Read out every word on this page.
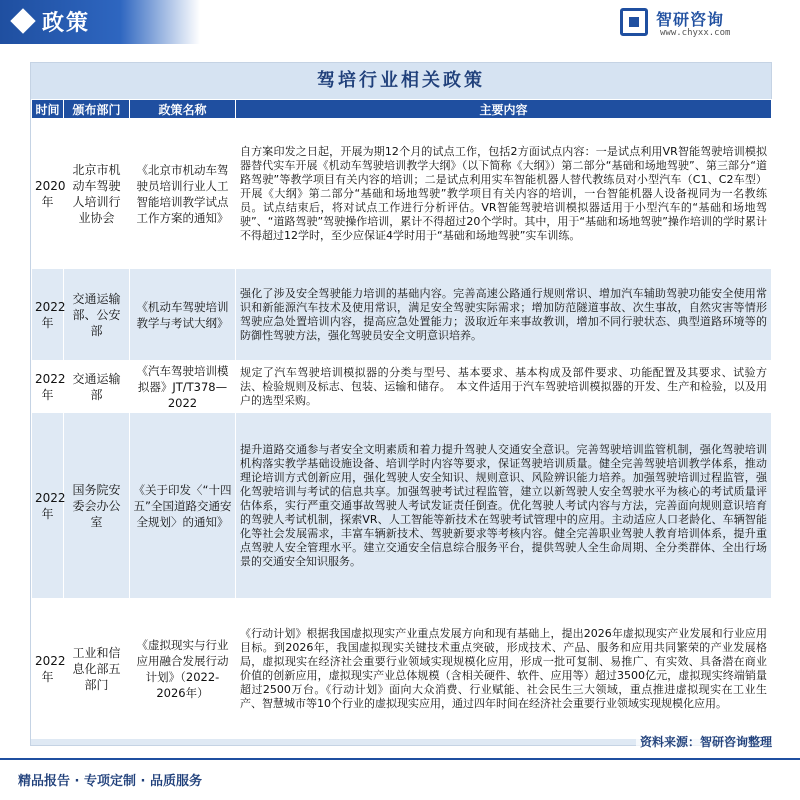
政策	智研咨询
www.chyxx.com
驾培行业相关政策
时间	颁布部门	政策名称	主要内容
2020年	北京市机动车驾驶人培训行业协会	《北京市机动车驾驶员培训行业人工智能培训教学试点工作方案的通知》	自方案印发之日起，开展为期12个月的试点工作，包括2方面试点内容：一是试点利用VR智能驾驶培训模拟器替代实车开展《机动车驾驶培训教学大纲》（以下简称《大纲》）第二部分“基础和场地驾驶”、第三部分“道路驾驶”等教学项目有关内容的培训；二是试点利用实车智能机器人替代教练员对小型汽车（C1、C2车型）开展《大纲》第二部分“基础和场地驾驶”教学项目有关内容的培训，一台智能机器人设备视同为一名教练员。试点结束后，将对试点工作进行分析评估。VR智能驾驶培训模拟器适用于小型汽车的“基础和场地驾驶”、“道路驾驶”驾驶操作培训，累计不得超过20个学时。其中，用于“基础和场地驾驶”操作培训的学时累计不得超过12学时，至少应保证4学时用于“基础和场地驾驶”实车训练。
2022年	交通运输部、公安部	《机动车驾驶培训教学与考试大纲》	强化了涉及安全驾驶能力培训的基础内容。完善高速公路通行规则常识、增加汽车辅助驾驶功能安全使用常识和新能源汽车技术及使用常识，满足安全驾驶实际需求；增加防范隧道事故、次生事故，自然灾害等情形驾驶应急处置培训内容，提高应急处置能力；汲取近年来事故教训，增加不同行驶状态、典型道路环境等的防御性驾驶方法，强化驾驶员安全文明意识培养。
2022年	交通运输部	《汽车驾驶培训模拟器》JT/T378—2022	规定了汽车驾驶培训模拟器的分类与型号、基本要求、基本构成及部件要求、功能配置及其要求、试验方法、检验规则及标志、包装、运输和储存。　本文件适用于汽车驾驶培训模拟器的开发、生产和检验，以及用户的选型采购。
2022年	国务院安委会办公室	《关于印发〈“十四五”全国道路交通安全规划〉的通知》	提升道路交通参与者安全文明素质和着力提升驾驶人交通安全意识。完善驾驶培训监管机制，强化驾驶培训机构落实教学基础设施设备、培训学时内容等要求，保证驾驶培训质量。健全完善驾驶培训教学体系，推动理论培训方式创新应用，强化驾驶人安全知识、规则意识、风险辨识能力培养。加强驾驶培训过程监管，强化驾驶培训与考试的信息共享。加强驾驶考试过程监管，建立以新驾驶人安全驾驶水平为核心的考试质量评估体系，实行严重交通事故驾驶人考试发证责任倒查。优化驾驶人考试内容与方法，完善面向规则意识培育的驾驶人考试机制，探索VR、人工智能等新技术在驾驶考试管理中的应用。主动适应人口老龄化、车辆智能化等社会发展需求，丰富车辆新技术、驾驶新要求等考核内容。健全完善职业驾驶人教育培训体系，提升重点驾驶人安全管理水平。建立交通安全信息综合服务平台，提供驾驶人全生命周期、全分类群体、全出行场景的交通安全知识服务。
2022年	工业和信息化部五部门	《虚拟现实与行业应用融合发展行动计划》（2022-2026年）	《行动计划》根据我国虚拟现实产业重点发展方向和现有基础上，提出2026年虚拟现实产业发展和行业应用目标。到2026年，我国虚拟现实关键技术重点突破，形成技术、产品、服务和应用共同繁荣的产业发展格局，虚拟现实在经济社会重要行业领域实现规模化应用，形成一批可复制、易推广、有实效、具备潜在商业价值的创新应用，虚拟现实产业总体规模（含相关硬件、软件、应用等）超过3500亿元，虚拟现实终端销量超过2500万台。《行动计划》面向大众消费、行业赋能、社会民生三大领域，重点推进虚拟现实在工业生产、智慧城市等10个行业的虚拟现实应用，通过四年时间在经济社会重要行业领域实现规模化应用。
资料来源：智研咨询整理
精品报告 · 专项定制 · 品质服务
